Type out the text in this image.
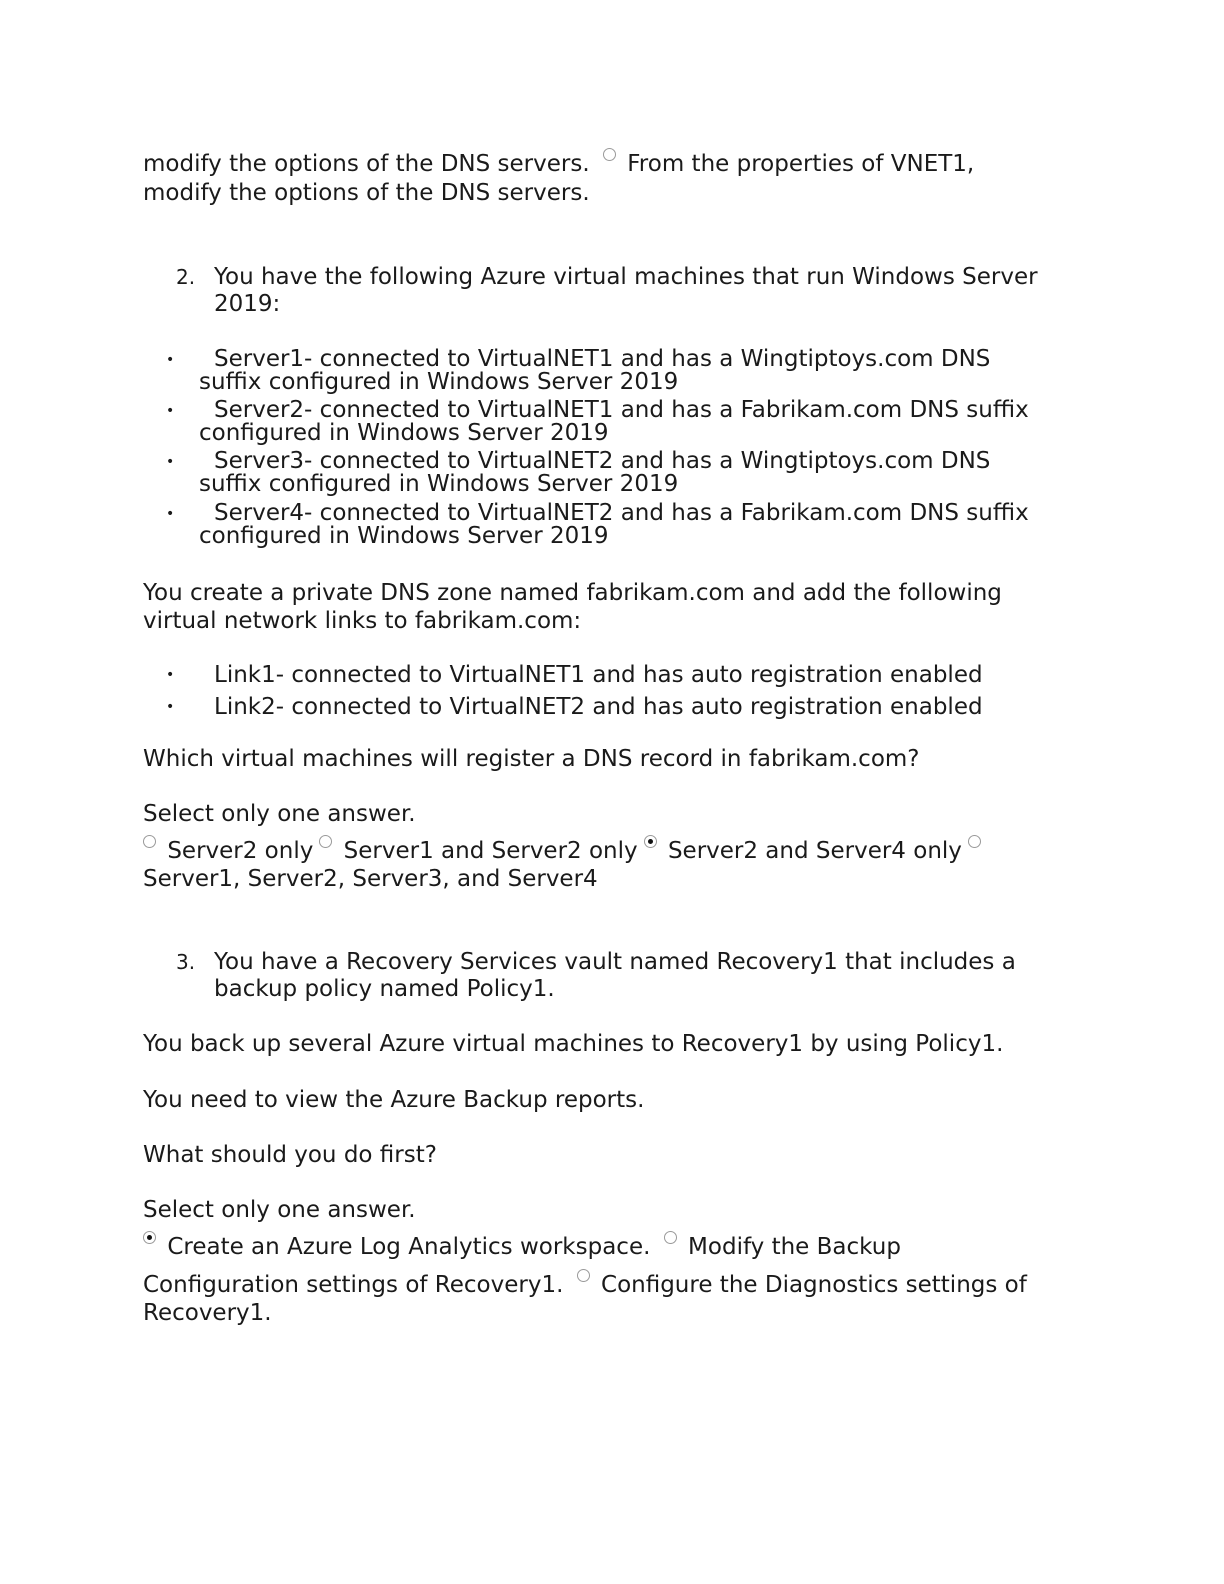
modify the options of the DNS servers. From the properties of VNET1,
modify the options of the DNS servers.
2. You have the following Azure virtual machines that run Windows Server
2019:
•	Server1- connected to VirtualNET1 and has a Wingtiptoys.com DNS
suffix configured in Windows Server 2019
•	Server2- connected to VirtualNET1 and has a Fabrikam.com DNS suffix
configured in Windows Server 2019
•	Server3- connected to VirtualNET2 and has a Wingtiptoys.com DNS
suffix configured in Windows Server 2019
•	Server4- connected to VirtualNET2 and has a Fabrikam.com DNS suffix
configured in Windows Server 2019
You create a private DNS zone named fabrikam.com and add the following
virtual network links to fabrikam.com:
• Link1- connected to VirtualNET1 and has auto registration enabled
• Link2- connected to VirtualNET2 and has auto registration enabled
Which virtual machines will register a DNS record in fabrikam.com?
Select only one answer.
Server2 only Server1 and Server2 only Server2 and Server4 only
Server1, Server2, Server3, and Server4
3. You have a Recovery Services vault named Recovery1 that includes a
backup policy named Policy1.
You back up several Azure virtual machines to Recovery1 by using Policy1.
You need to view the Azure Backup reports.
What should you do first?
Select only one answer.
Create an Azure Log Analytics workspace. Modify the Backup
Configuration settings of Recovery1. Configure the Diagnostics settings of
Recovery1.
